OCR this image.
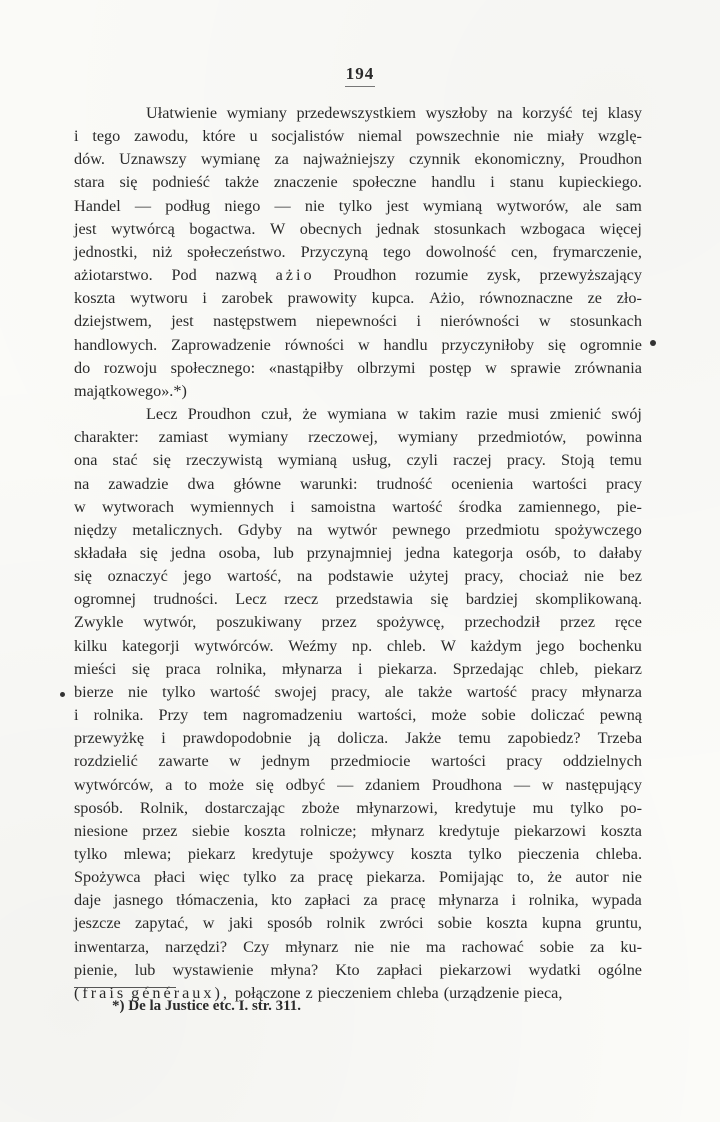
194
Ułatwienie wymiany przedewszystkiem wyszłoby na korzyść tej klasy
i tego zawodu, które u socjalistów niemal powszechnie nie miały wzglę-
dów. Uznawszy wymianę za najważniejszy czynnik ekonomiczny, Proudhon
stara się podnieść także znaczenie społeczne handlu i stanu kupieckiego.
Handel — podług niego — nie tylko jest wymianą wytworów, ale sam
jest wytwórcą bogactwa. W obecnych jednak stosunkach wzbogaca więcej
jednostki, niż społeczeństwo. Przyczyną tego dowolność cen, frymarczenie,
ażiotarstwo. Pod nazwą ażio Proudhon rozumie zysk, przewyższający
koszta wytworu i zarobek prawowity kupca. Ażio, równoznaczne ze zło-
dziejstwem, jest następstwem niepewności i nierówności w stosunkach
handlowych. Zaprowadzenie równości w handlu przyczyniłoby się ogromnie
do rozwoju społecznego: «nastąpiłby olbrzymi postęp w sprawie zrównania
majątkowego».*)
Lecz Proudhon czuł, że wymiana w takim razie musi zmienić swój
charakter: zamiast wymiany rzeczowej, wymiany przedmiotów, powinna
ona stać się rzeczywistą wymianą usług, czyli raczej pracy. Stoją temu
na zawadzie dwa główne warunki: trudność ocenienia wartości pracy
w wytworach wymiennych i samoistna wartość środka zamiennego, pie-
niędzy metalicznych. Gdyby na wytwór pewnego przedmiotu spożywczego
składała się jedna osoba, lub przynajmniej jedna kategorja osób, to dałaby
się oznaczyć jego wartość, na podstawie użytej pracy, chociaż nie bez
ogromnej trudności. Lecz rzecz przedstawia się bardziej skomplikowaną.
Zwykle wytwór, poszukiwany przez spożywcę, przechodził przez ręce
kilku kategorji wytwórców. Weźmy np. chleb. W każdym jego bochenku
mieści się praca rolnika, młynarza i piekarza. Sprzedając chleb, piekarz
bierze nie tylko wartość swojej pracy, ale także wartość pracy młynarza
i rolnika. Przy tem nagromadzeniu wartości, może sobie doliczać pewną
przewyżkę i prawdopodobnie ją dolicza. Jakże temu zapobiedz? Trzeba
rozdzielić zawarte w jednym przedmiocie wartości pracy oddzielnych
wytwórców, a to może się odbyć — zdaniem Proudhona — w następujący
sposób. Rolnik, dostarczając zboże młynarzowi, kredytuje mu tylko po-
niesione przez siebie koszta rolnicze; młynarz kredytuje piekarzowi koszta
tylko mlewa; piekarz kredytuje spożywcy koszta tylko pieczenia chleba.
Spożywca płaci więc tylko za pracę piekarza. Pomijając to, że autor nie
daje jasnego tłómaczenia, kto zapłaci za pracę młynarza i rolnika, wypada
jeszcze zapytać, w jaki sposób rolnik zwróci sobie koszta kupna gruntu,
inwentarza, narzędzi? Czy młynarz nie nie ma rachować sobie za ku-
pienie, lub wystawienie młyna? Kto zapłaci piekarzowi wydatki ogólne
(frais généraux), połączone z pieczeniem chleba (urządzenie pieca,
*) De la Justice etc. I. str. 311.
